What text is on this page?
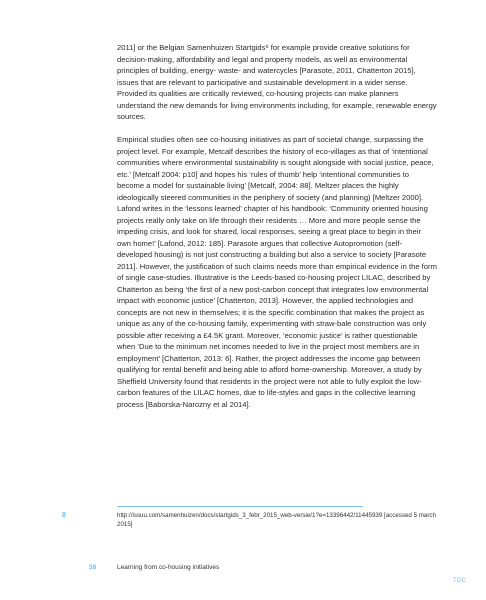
2011] or the Belgian Samenhuizen Startgids⁸ for example provide creative solutions for decision-making, affordability and legal and property models, as well as environmental principles of building, energy- waste- and watercycles [Parasote, 2011, Chatterton 2015], issues that are relevant to participative and sustainable development in a wider sense. Provided its qualities are critically reviewed, co-housing projects can make planners understand the new demands for living environments including, for example, renewable energy sources.

Empirical studies often see co-housing initiatives as part of societal change, surpassing the project level. For example, Metcalf describes the history of eco-villages as that of ‘intentional communities where environmental sustainability is sought alongside with social justice, peace, etc.’ [Metcalf 2004: p10] and hopes his ‘rules of thumb’ help ‘intentional communities to become a model for sustainable living’ [Metcalf, 2004: 88]. Meltzer places the highly ideologically steered communities in the periphery of society (and planning) [Meltzer 2000]. Lafond writes in the ‘lessons learned’ chapter of his handbook: ‘Community oriented housing projects really only take on life through their residents … More and more people sense the impeding crisis, and look for shared, local responses, seeing a great place to begin in their own home!’ [Lafond, 2012: 185]. Parasote argues that collective Autopromotion (self-developed housing) is not just constructing a building but also a service to society [Parasote 2011]. However, the justification of such claims needs more than empirical evidence in the form of single case-studies. Illustrative is the Leeds-based co-housing project LILAC, described by Chatterton as being ‘the first of a new post-carbon concept that integrates low environmental impact with economic justice’ [Chatterton, 2013]. However, the applied technologies and concepts are not new in themselves; it is the specific combination that makes the project as unique as any of the co-housing family, experimenting with straw-bale construction was only possible after receiving a £4.5K grant. Moreover, ‘economic justice’ is rather questionable when ‘Due to the minimum net incomes needed to live in the project most members are in employment’ [Chatterton, 2013: 6]. Rather, the project addresses the income gap between qualifying for rental benefit and being able to afford home-ownership. Moreover, a study by Sheffield University found that residents in the project were not able to fully exploit the low-carbon features of the LILAC homes, due to life-styles and gaps in the collective learning process [Baborska-Narozny et al 2014].

8	http://issuu.com/samenhuizen/docs/startgids_3_febr_2015_web-versie/1?e=13396442/11445939 [accessed 5 march 2015]
58	Learning from co-housing initiatives
TOC
